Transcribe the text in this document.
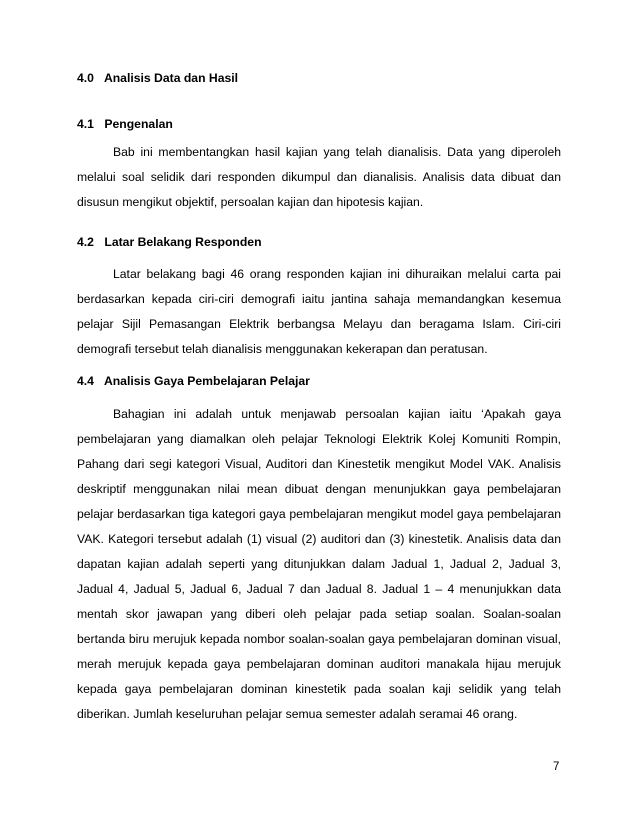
4.0 Analisis Data dan Hasil
4.1 Pengenalan

Bab ini membentangkan hasil kajian yang telah dianalisis. Data yang diperoleh melalui soal selidik dari responden dikumpul dan dianalisis. Analisis data dibuat dan disusun mengikut objektif, persoalan kajian dan hipotesis kajian.

4.2 Latar Belakang Responden

Latar belakang bagi 46 orang responden kajian ini dihuraikan melalui carta pai berdasarkan kepada ciri-ciri demografi iaitu jantina sahaja memandangkan kesemua pelajar Sijil Pemasangan Elektrik berbangsa Melayu dan beragama Islam. Ciri-ciri demografi tersebut telah dianalisis menggunakan kekerapan dan peratusan.

4.4 Analisis Gaya Pembelajaran Pelajar

Bahagian ini adalah untuk menjawab persoalan kajian iaitu ‘Apakah gaya pembelajaran yang diamalkan oleh pelajar Teknologi Elektrik Kolej Komuniti Rompin, Pahang dari segi kategori Visual, Auditori dan Kinestetik mengikut Model VAK. Analisis deskriptif menggunakan nilai mean dibuat dengan menunjukkan gaya pembelajaran pelajar berdasarkan tiga kategori gaya pembelajaran mengikut model gaya pembelajaran VAK. Kategori tersebut adalah (1) visual (2) auditori dan (3) kinestetik. Analisis data dan dapatan kajian adalah seperti yang ditunjukkan dalam Jadual 1, Jadual 2, Jadual 3, Jadual 4, Jadual 5, Jadual 6, Jadual 7 dan Jadual 8. Jadual 1 – 4 menunjukkan data mentah skor jawapan yang diberi oleh pelajar pada setiap soalan. Soalan-soalan bertanda biru merujuk kepada nombor soalan-soalan gaya pembelajaran dominan visual, merah merujuk kepada gaya pembelajaran dominan auditori manakala hijau merujuk kepada gaya pembelajaran dominan kinestetik pada soalan kaji selidik yang telah diberikan. Jumlah keseluruhan pelajar semua semester adalah seramai 46 orang.

7
